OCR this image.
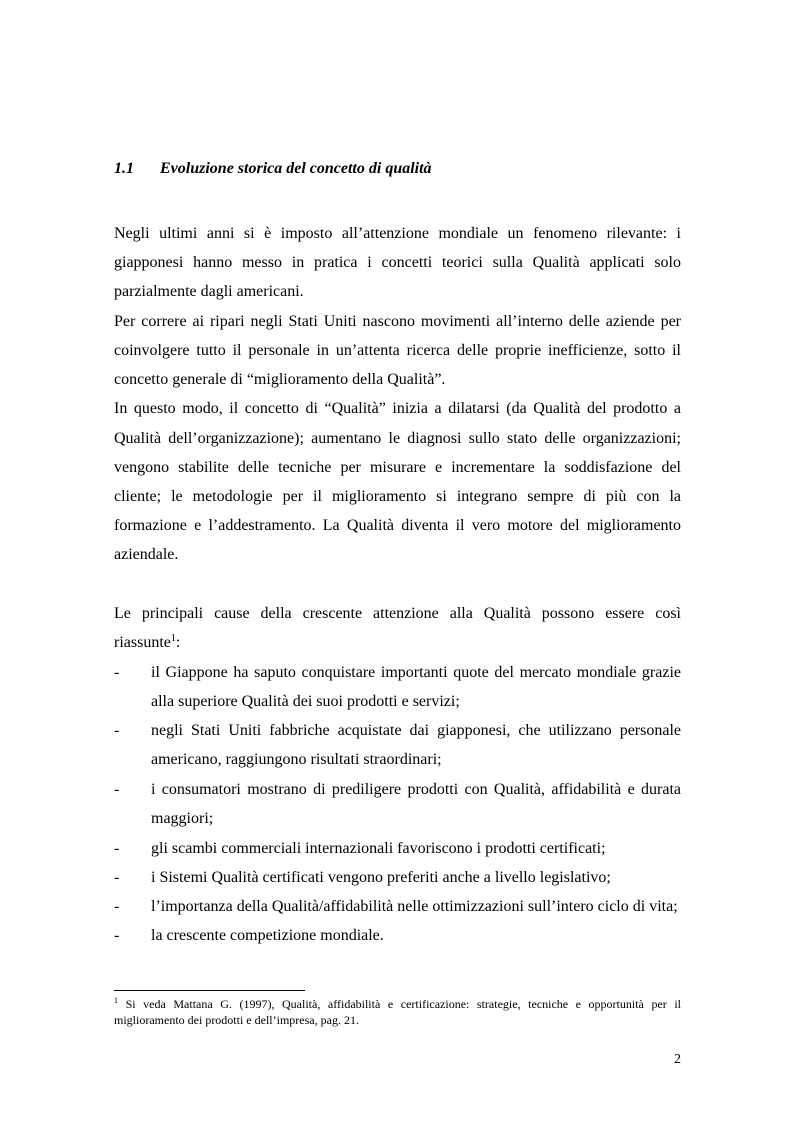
1.1 Evoluzione storica del concetto di qualità
Negli ultimi anni si è imposto all’attenzione mondiale un fenomeno rilevante: i
giapponesi hanno messo in pratica i concetti teorici sulla Qualità applicati solo
parzialmente dagli americani.
Per correre ai ripari negli Stati Uniti nascono movimenti all’interno delle aziende per
coinvolgere tutto il personale in un’attenta ricerca delle proprie inefficienze, sotto il
concetto generale di “miglioramento della Qualità”.
In questo modo, il concetto di “Qualità” inizia a dilatarsi (da Qualità del prodotto a
Qualità dell’organizzazione); aumentano le diagnosi sullo stato delle organizzazioni;
vengono stabilite delle tecniche per misurare e incrementare la soddisfazione del
cliente; le metodologie per il miglioramento si integrano sempre di più con la
formazione e l’addestramento. La Qualità diventa il vero motore del miglioramento
aziendale.
Le principali cause della crescente attenzione alla Qualità possono essere così
riassunte$^1$:
- il Giappone ha saputo conquistare importanti quote del mercato mondiale grazie
alla superiore Qualità dei suoi prodotti e servizi;
- negli Stati Uniti fabbriche acquistate dai giapponesi, che utilizzano personale
americano, raggiungono risultati straordinari;
- i consumatori mostrano di prediligere prodotti con Qualità, affidabilità e durata
maggiori;
- gli scambi commerciali internazionali favoriscono i prodotti certificati;
- i Sistemi Qualità certificati vengono preferiti anche a livello legislativo;
- l’importanza della Qualità/affidabilità nelle ottimizzazioni sull’intero ciclo di vita;
- la crescente competizione mondiale.
$^1$ Si veda Mattana G. (1997), Qualità, affidabilità e certificazione: strategie, tecniche e opportunità per il
miglioramento dei prodotti e dell’impresa, pag. 21.
2
